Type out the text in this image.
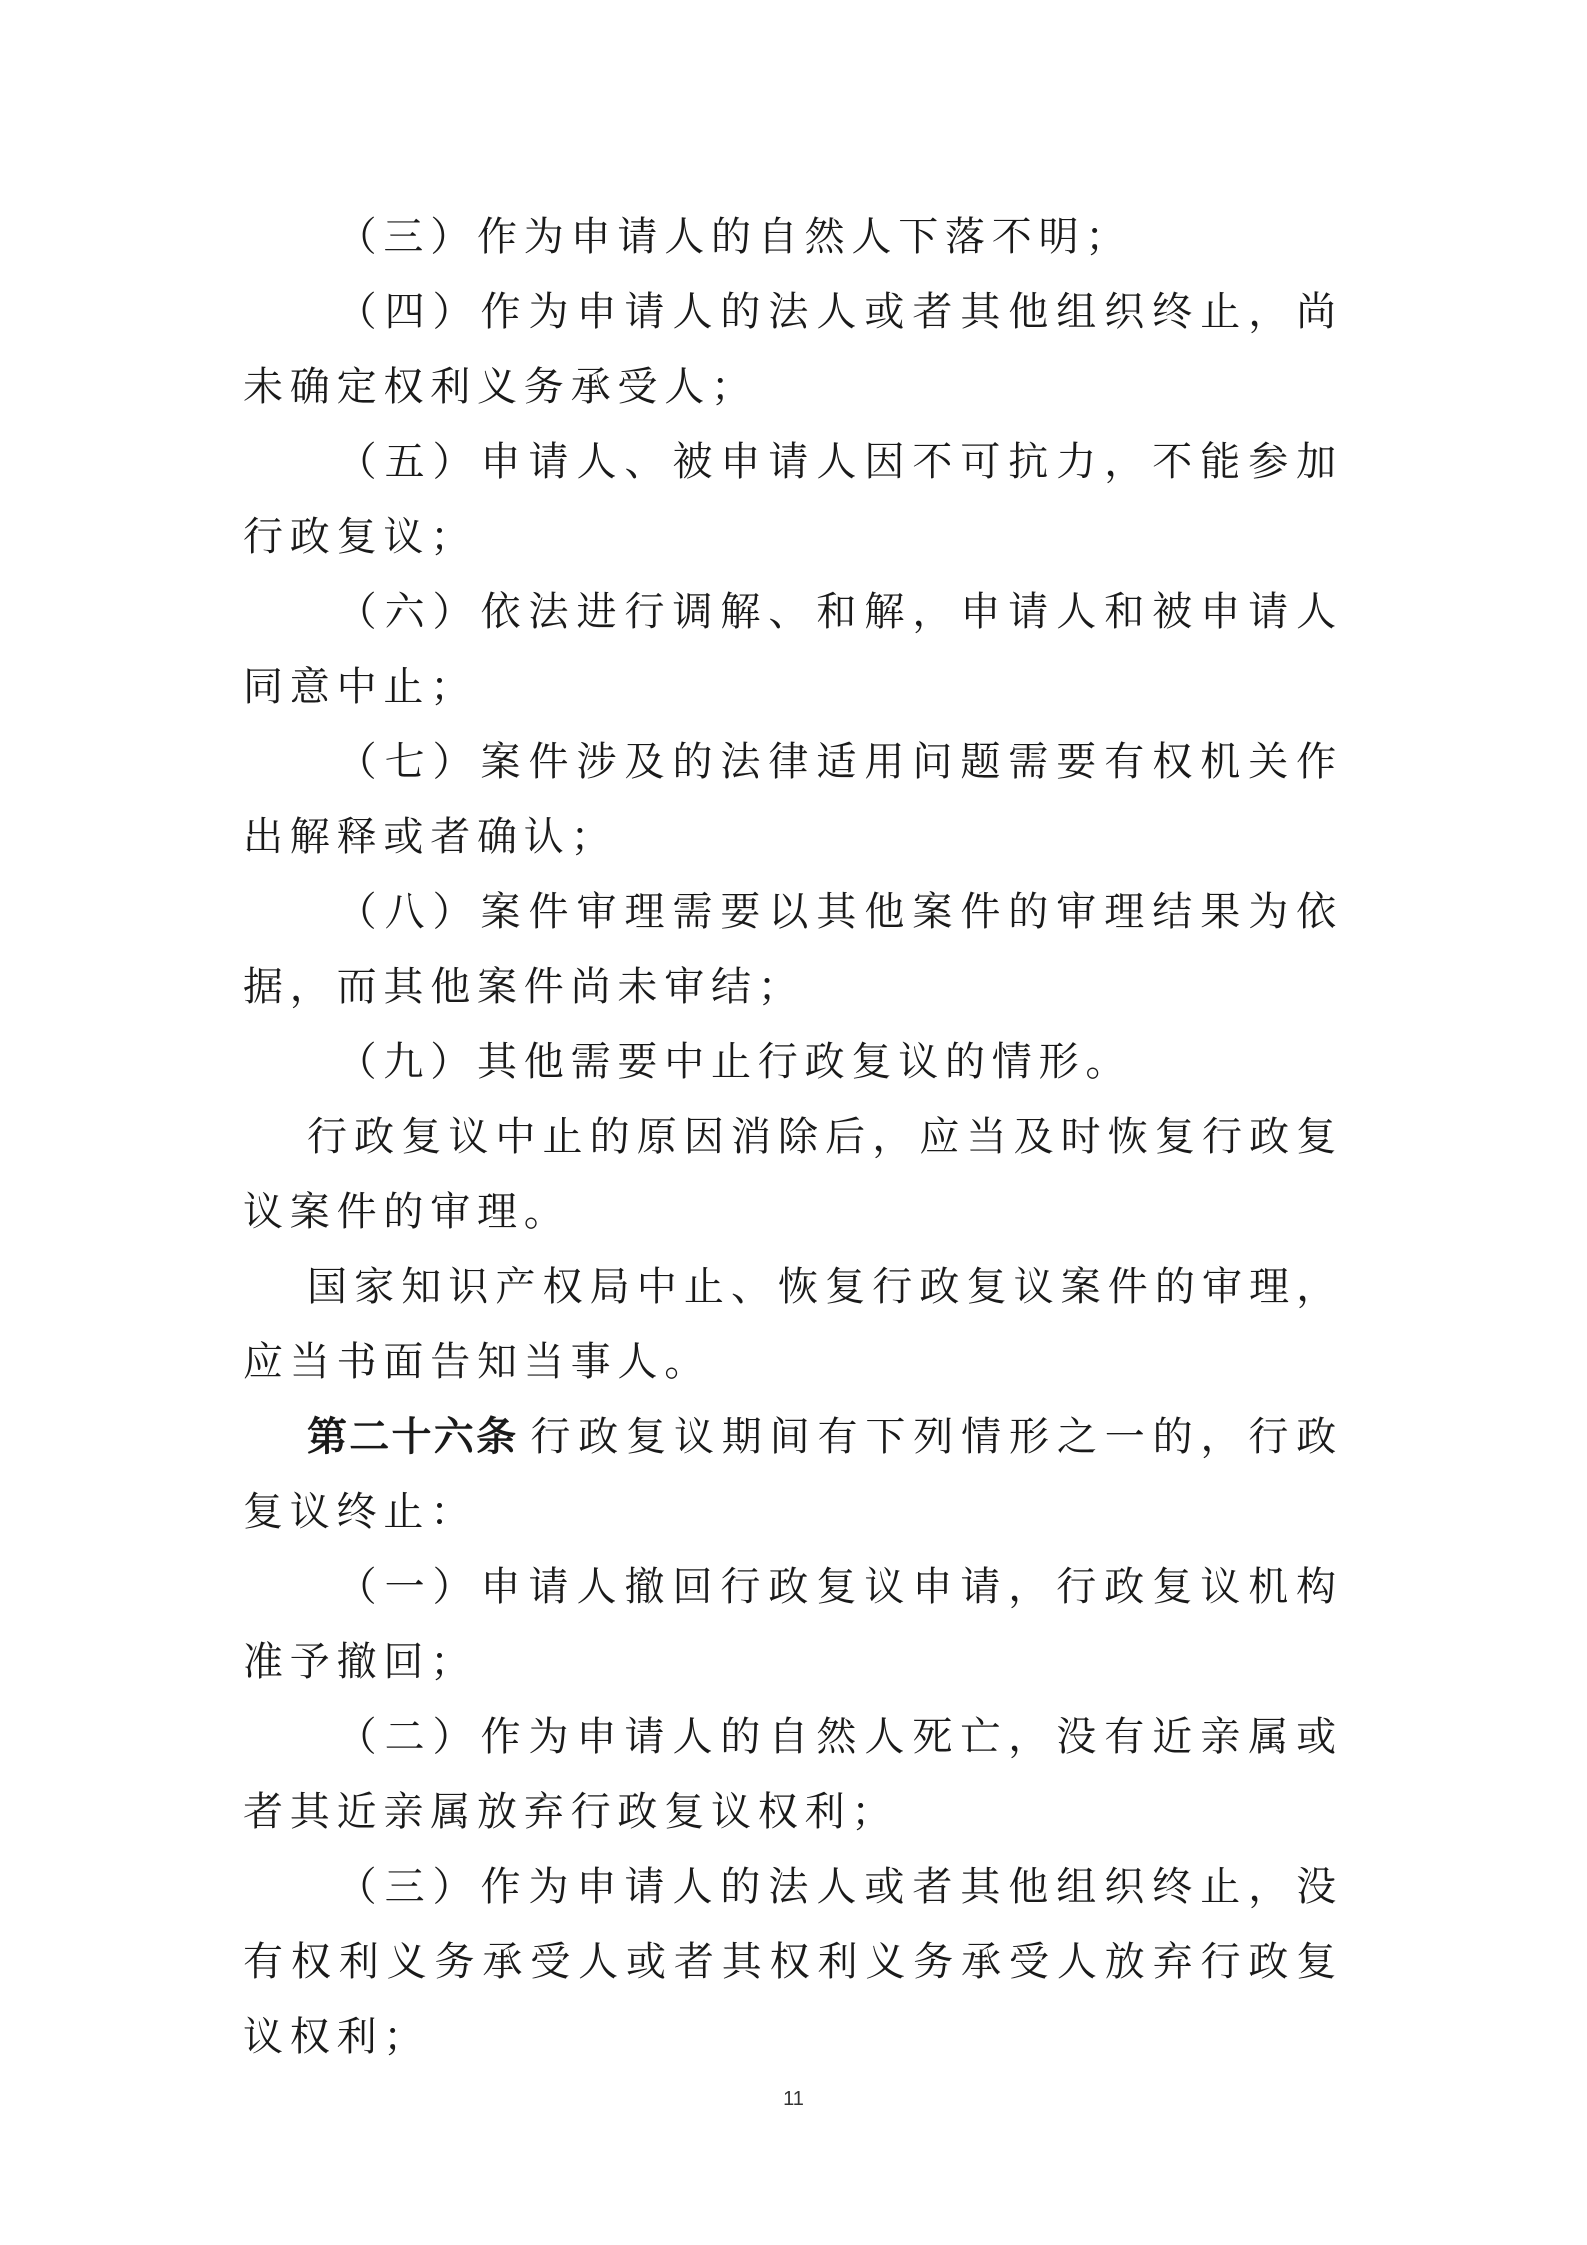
（三）作为申请人的自然人下落不明；

（四）作为申请人的法人或者其他组织终止，尚未确定权利义务承受人；

（五）申请人、被申请人因不可抗力，不能参加行政复议；

（六）依法进行调解、和解，申请人和被申请人同意中止；

（七）案件涉及的法律适用问题需要有权机关作出解释或者确认；

（八）案件审理需要以其他案件的审理结果为依据，而其他案件尚未审结；

（九）其他需要中止行政复议的情形。

行政复议中止的原因消除后，应当及时恢复行政复议案件的审理。

国家知识产权局中止、恢复行政复议案件的审理，应当书面告知当事人。

第二十六条 行政复议期间有下列情形之一的，行政复议终止：

（一）申请人撤回行政复议申请，行政复议机构准予撤回；

（二）作为申请人的自然人死亡，没有近亲属或者其近亲属放弃行政复议权利；

（三）作为申请人的法人或者其他组织终止，没有权利义务承受人或者其权利义务承受人放弃行政复议权利；

11
